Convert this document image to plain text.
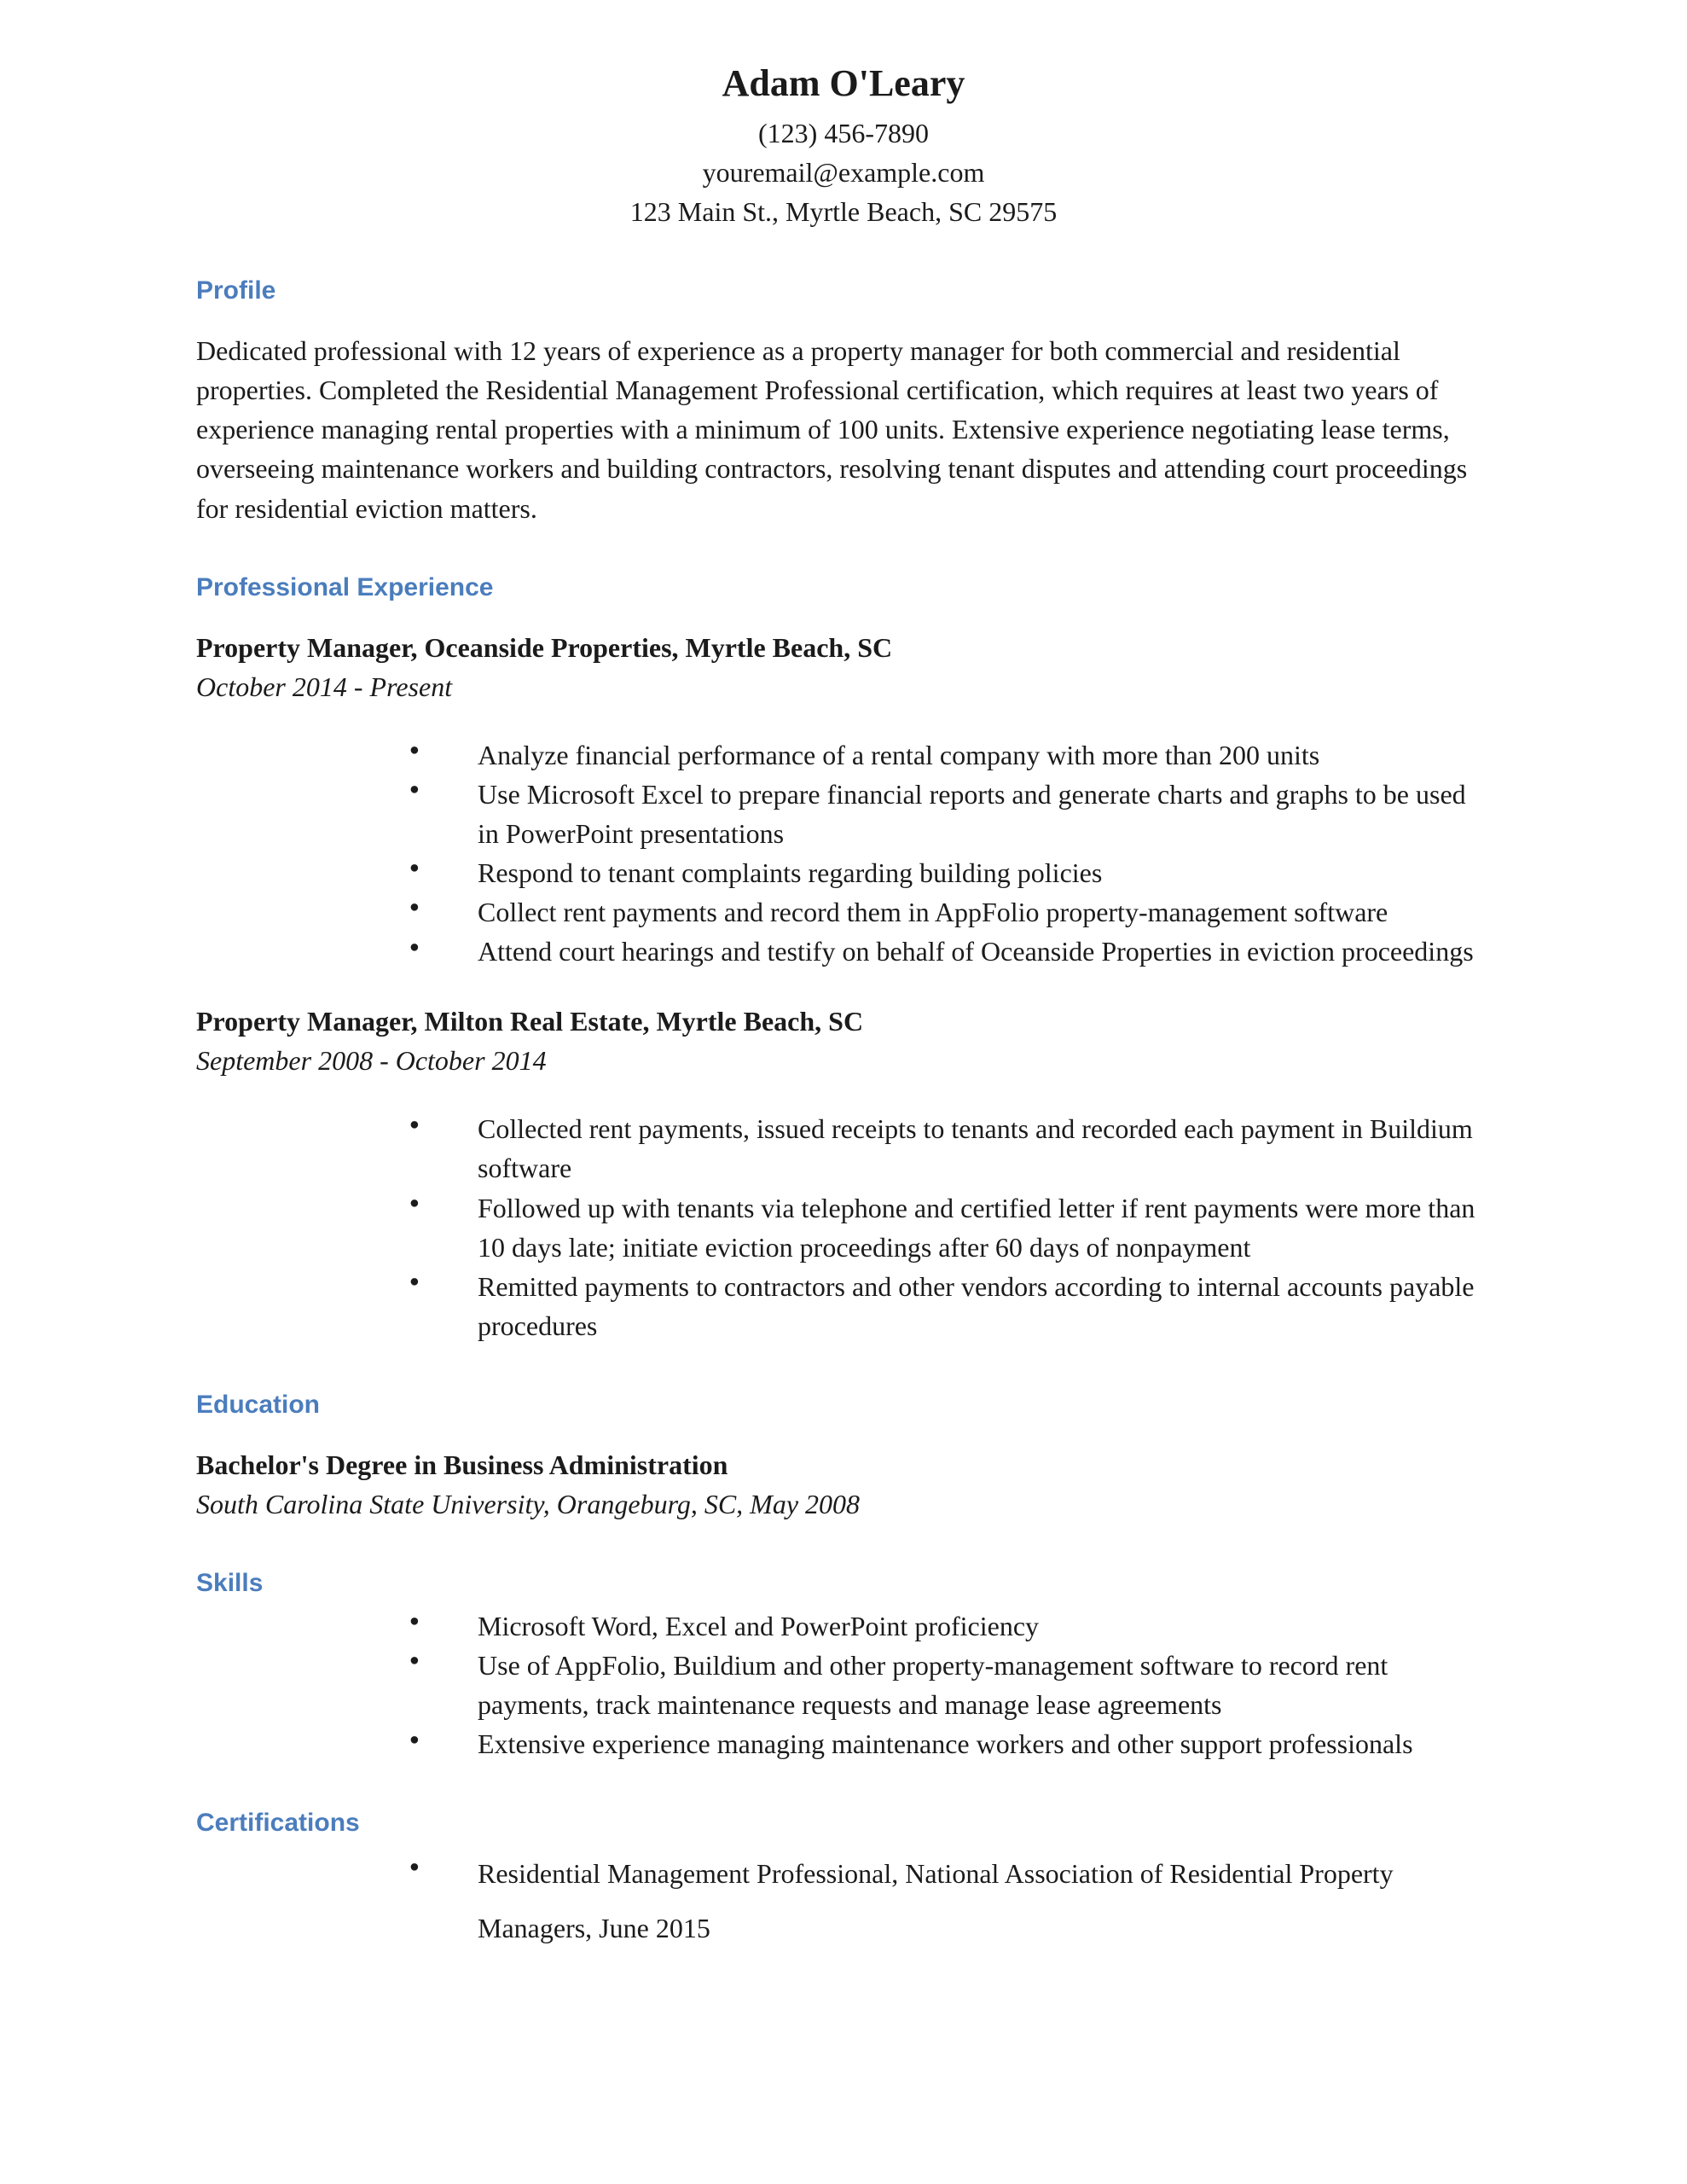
Adam O'Leary
(123) 456-7890
youremail@example.com
123 Main St., Myrtle Beach, SC 29575
Profile

Dedicated professional with 12 years of experience as a property manager for both commercial and residential properties. Completed the Residential Management Professional certification, which requires at least two years of experience managing rental properties with a minimum of 100 units. Extensive experience negotiating lease terms, overseeing maintenance workers and building contractors, resolving tenant disputes and attending court proceedings for residential eviction matters.

Professional Experience
Property Manager, Oceanside Properties, Myrtle Beach, SC
October 2014 - Present
● Analyze financial performance of a rental company with more than 200 units
● Use Microsoft Excel to prepare financial reports and generate charts and graphs to be used in PowerPoint presentations
● Respond to tenant complaints regarding building policies
● Collect rent payments and record them in AppFolio property-management software
● Attend court hearings and testify on behalf of Oceanside Properties in eviction proceedings
Property Manager, Milton Real Estate, Myrtle Beach, SC
September 2008 - October 2014
● Collected rent payments, issued receipts to tenants and recorded each payment in Buildium software
● Followed up with tenants via telephone and certified letter if rent payments were more than 10 days late; initiate eviction proceedings after 60 days of nonpayment
● Remitted payments to contractors and other vendors according to internal accounts payable procedures
Education
Bachelor's Degree in Business Administration
South Carolina State University, Orangeburg, SC, May 2008
Skills
● Microsoft Word, Excel and PowerPoint proficiency
● Use of AppFolio, Buildium and other property-management software to record rent payments, track maintenance requests and manage lease agreements
● Extensive experience managing maintenance workers and other support professionals
Certifications
● Residential Management Professional, National Association of Residential Property Managers, June 2015
